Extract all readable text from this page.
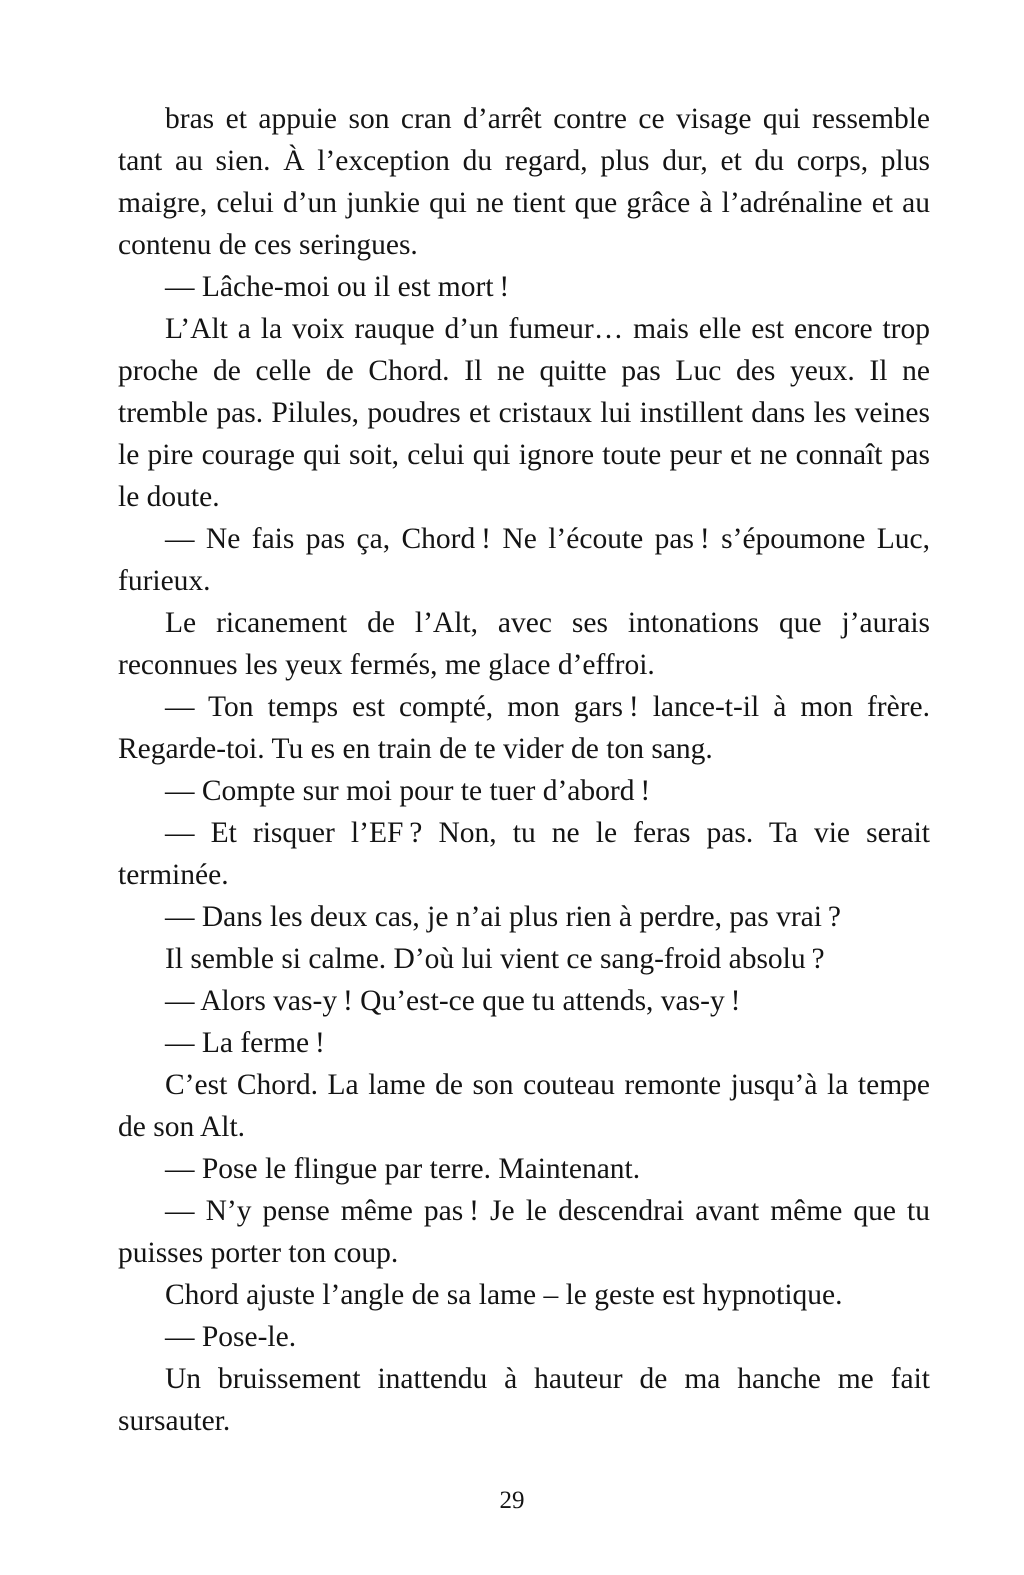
bras et appuie son cran d’arrêt contre ce visage qui ressemble tant au sien. À l’exception du regard, plus dur, et du corps, plus maigre, celui d’un junkie qui ne tient que grâce à l’adrénaline et au contenu de ces seringues.

— Lâche-moi ou il est mort !

L’Alt a la voix rauque d’un fumeur… mais elle est encore trop proche de celle de Chord. Il ne quitte pas Luc des yeux. Il ne tremble pas. Pilules, poudres et cristaux lui instillent dans les veines le pire courage qui soit, celui qui ignore toute peur et ne connaît pas le doute.

— Ne fais pas ça, Chord ! Ne l’écoute pas ! s’époumone Luc, furieux.

Le ricanement de l’Alt, avec ses intonations que j’aurais reconnues les yeux fermés, me glace d’effroi.

— Ton temps est compté, mon gars ! lance-t-il à mon frère. Regarde-toi. Tu es en train de te vider de ton sang.

— Compte sur moi pour te tuer d’abord !

— Et risquer l’EF ? Non, tu ne le feras pas. Ta vie serait terminée.

— Dans les deux cas, je n’ai plus rien à perdre, pas vrai ?

Il semble si calme. D’où lui vient ce sang-froid absolu ?

— Alors vas-y ! Qu’est-ce que tu attends, vas-y !

— La ferme !

C’est Chord. La lame de son couteau remonte jusqu’à la tempe de son Alt.

— Pose le flingue par terre. Maintenant.

— N’y pense même pas ! Je le descendrai avant même que tu puisses porter ton coup.

Chord ajuste l’angle de sa lame – le geste est hypnotique.

— Pose-le.

Un bruissement inattendu à hauteur de ma hanche me fait sursauter.

29
